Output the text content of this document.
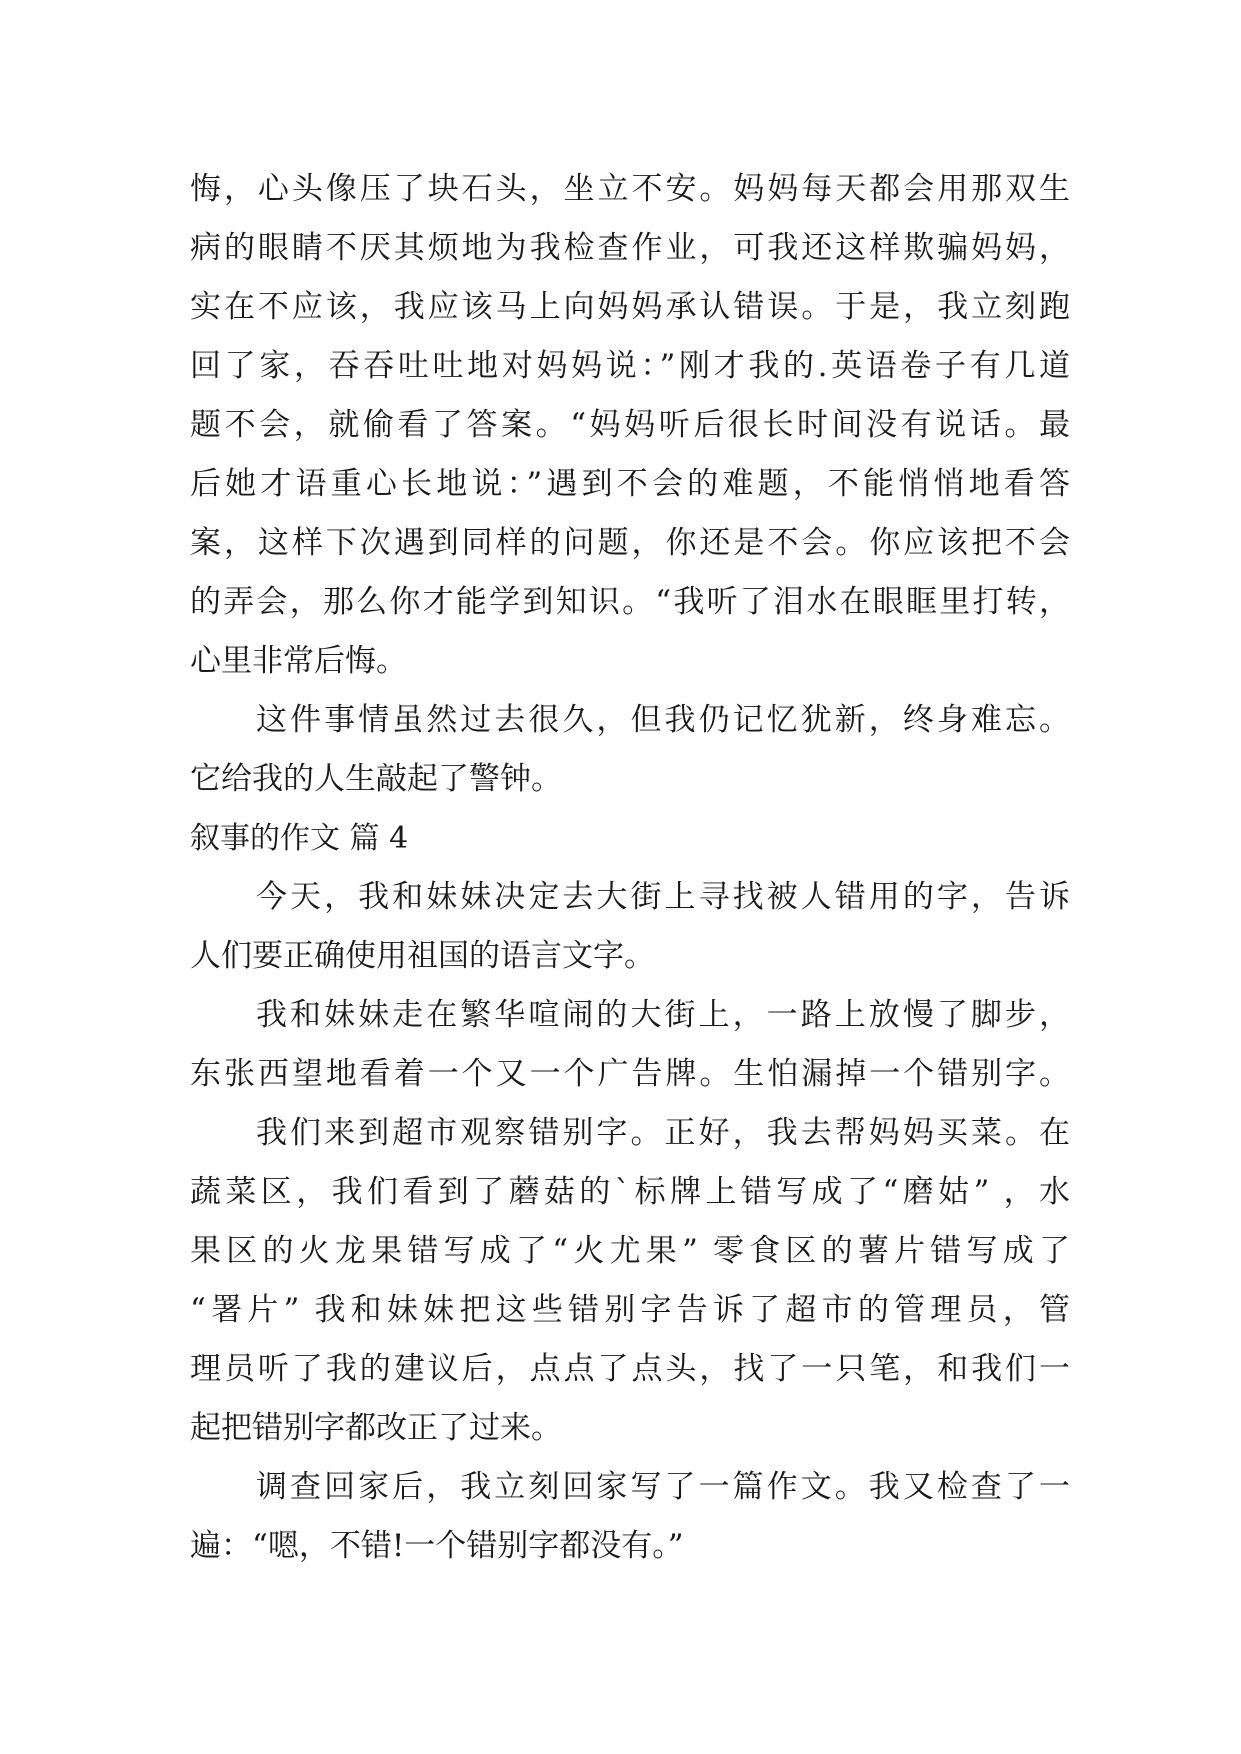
悔，心头像压了块石头，坐立不安。妈妈每天都会用那双生
病的眼睛不厌其烦地为我检查作业，可我还这样欺骗妈妈，
实在不应该，我应该马上向妈妈承认错误。于是，我立刻跑
回了家，吞吞吐吐地对妈妈说：”刚才我的.英语卷子有几道
题不会，就偷看了答案。“妈妈听后很长时间没有说话。最
后她才语重心长地说：”遇到不会的难题，不能悄悄地看答
案，这样下次遇到同样的问题，你还是不会。你应该把不会
的弄会，那么你才能学到知识。“我听了泪水在眼眶里打转，
心里非常后悔。
这件事情虽然过去很久，但我仍记忆犹新，终身难忘。
它给我的人生敲起了警钟。
叙事的作文 篇 4
今天，我和妹妹决定去大街上寻找被人错用的字，告诉
人们要正确使用祖国的语言文字。
我和妹妹走在繁华喧闹的大街上，一路上放慢了脚步，
东张西望地看着一个又一个广告牌。生怕漏掉一个错别字。
我们来到超市观察错别字。正好，我去帮妈妈买菜。在
蔬菜区，我们看到了蘑菇的`标牌上错写成了“磨姑” ，水
果区的火龙果错写成了“火尤果” 零食区的薯片错写成了
“署片” 我和妹妹把这些错别字告诉了超市的管理员，管
理员听了我的建议后，点点了点头，找了一只笔，和我们一
起把错别字都改正了过来。
调查回家后，我立刻回家写了一篇作文。我又检查了一
遍：“嗯，不错!一个错别字都没有。”
